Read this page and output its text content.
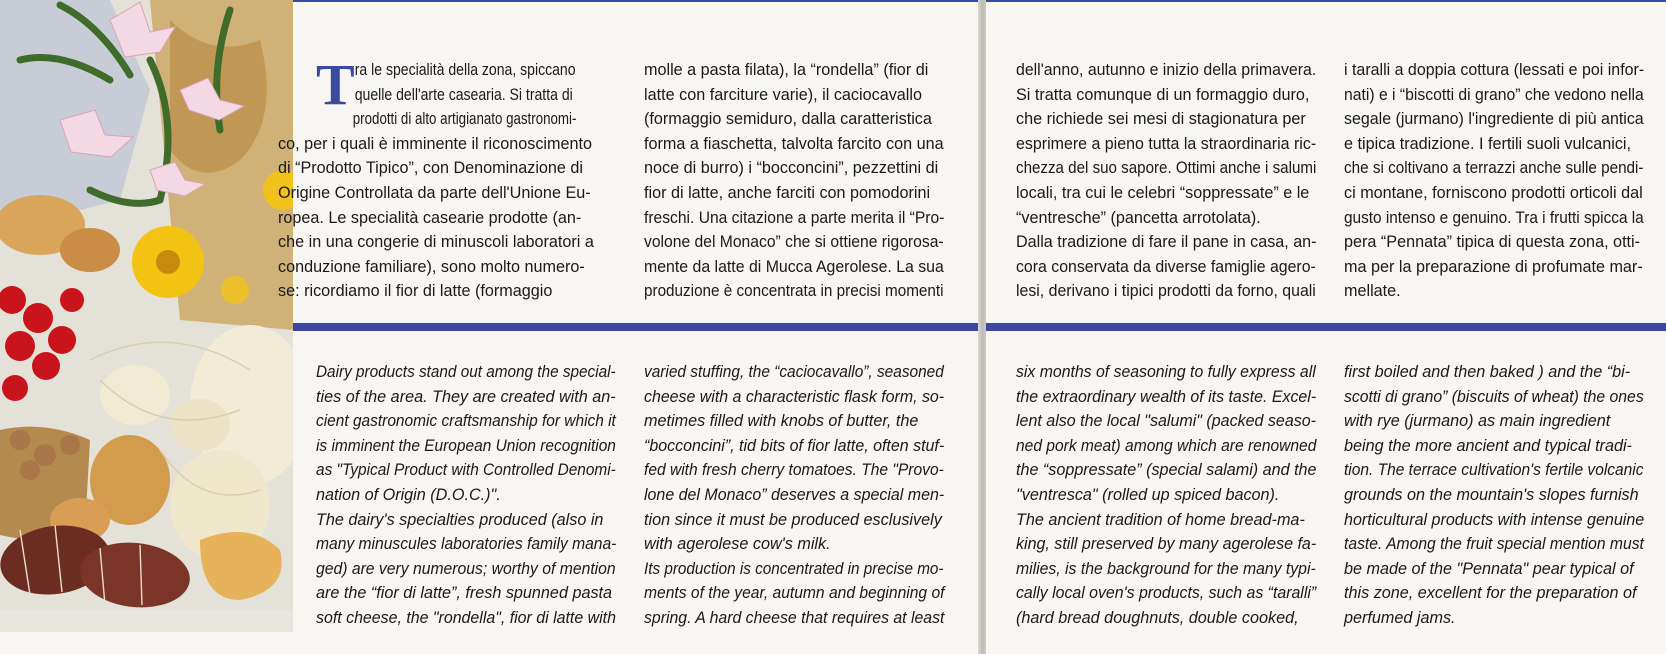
T ra le specialità della zona, spiccano
quelle dell'arte casearia. Si tratta di
prodotti di alto artigianato gastronomi-
co, per i quali è imminente il riconoscimento
di “Prodotto Tipico”, con Denominazione di
Origine Controllata da parte dell'Unione Eu-
ropea. Le specialità casearie prodotte (an-
che in una congerie di minuscoli laboratori a
conduzione familiare), sono molto numero-
se: ricordiamo il fior di latte (formaggio
molle a pasta filata), la “rondella” (fior di
latte con farciture varie), il caciocavallo
(formaggio semiduro, dalla caratteristica
forma a fiaschetta, talvolta farcito con una
noce di burro) i “bocconcini”, pezzettini di
fior di latte, anche farciti con pomodorini
freschi. Una citazione a parte merita il “Pro-
volone del Monaco” che si ottiene rigorosa-
mente da latte di Mucca Agerolese. La sua
produzione è concentrata in precisi momenti
Dairy products stand out among the special-
ties of the area. They are created with an-
cient gastronomic craftsmanship for which it
is imminent the European Union recognition
as "Typical Product with Controlled Denomi-
nation of Origin (D.O.C.)".
The dairy's specialties produced (also in
many minuscules laboratories family mana-
ged) are very numerous; worthy of mention
are the “fior di latte”, fresh spunned pasta
soft cheese, the "rondella", fior di latte with
varied stuffing, the “caciocavallo”, seasoned
cheese with a characteristic flask form, so-
metimes filled with knobs of butter, the
“bocconcini”, tid bits of fior latte, often stuf-
fed with fresh cherry tomatoes. The "Provo-
lone del Monaco” deserves a special men-
tion since it must be produced esclusively
with agerolese cow's milk.
Its production is concentrated in precise mo-
ments of the year, autumn and beginning of
spring. A hard cheese that requires at least
dell'anno, autunno e inizio della primavera.
Si tratta comunque di un formaggio duro,
che richiede sei mesi di stagionatura per
esprimere a pieno tutta la straordinaria ric-
chezza del suo sapore. Ottimi anche i salumi
locali, tra cui le celebri “soppressate” e le
“ventresche” (pancetta arrotolata).
Dalla tradizione di fare il pane in casa, an-
cora conservata da diverse famiglie agero-
lesi, derivano i tipici prodotti da forno, quali
i taralli a doppia cottura (lessati e poi infor-
nati) e i “biscotti di grano” che vedono nella
segale (jurmano) l'ingrediente di più antica
e tipica tradizione. I fertili suoli vulcanici,
che si coltivano a terrazzi anche sulle pendi-
ci montane, forniscono prodotti orticoli dal
gusto intenso e genuino. Tra i frutti spicca la
pera “Pennata” tipica di questa zona, otti-
ma per la preparazione di profumate mar-
mellate.
six months of seasoning to fully express all
the extraordinary wealth of its taste. Excel-
lent also the local "salumi" (packed seaso-
ned pork meat) among which are renowned
the “soppressate” (special salami) and the
"ventresca" (rolled up spiced bacon).
The ancient tradition of home bread-ma-
king, still preserved by many agerolese fa-
milies, is the background for the many typi-
cally local oven's products, such as “taralli”
(hard bread doughnuts, double cooked,
first boiled and then baked ) and the “bi-
scotti di grano” (biscuits of wheat) the ones
with rye (jurmano) as main ingredient
being the more ancient and typical tradi-
tion. The terrace cultivation's fertile volcanic
grounds on the mountain's slopes furnish
horticultural products with intense genuine
taste. Among the fruit special mention must
be made of the "Pennata" pear typical of
this zone, excellent for the preparation of
perfumed jams.
